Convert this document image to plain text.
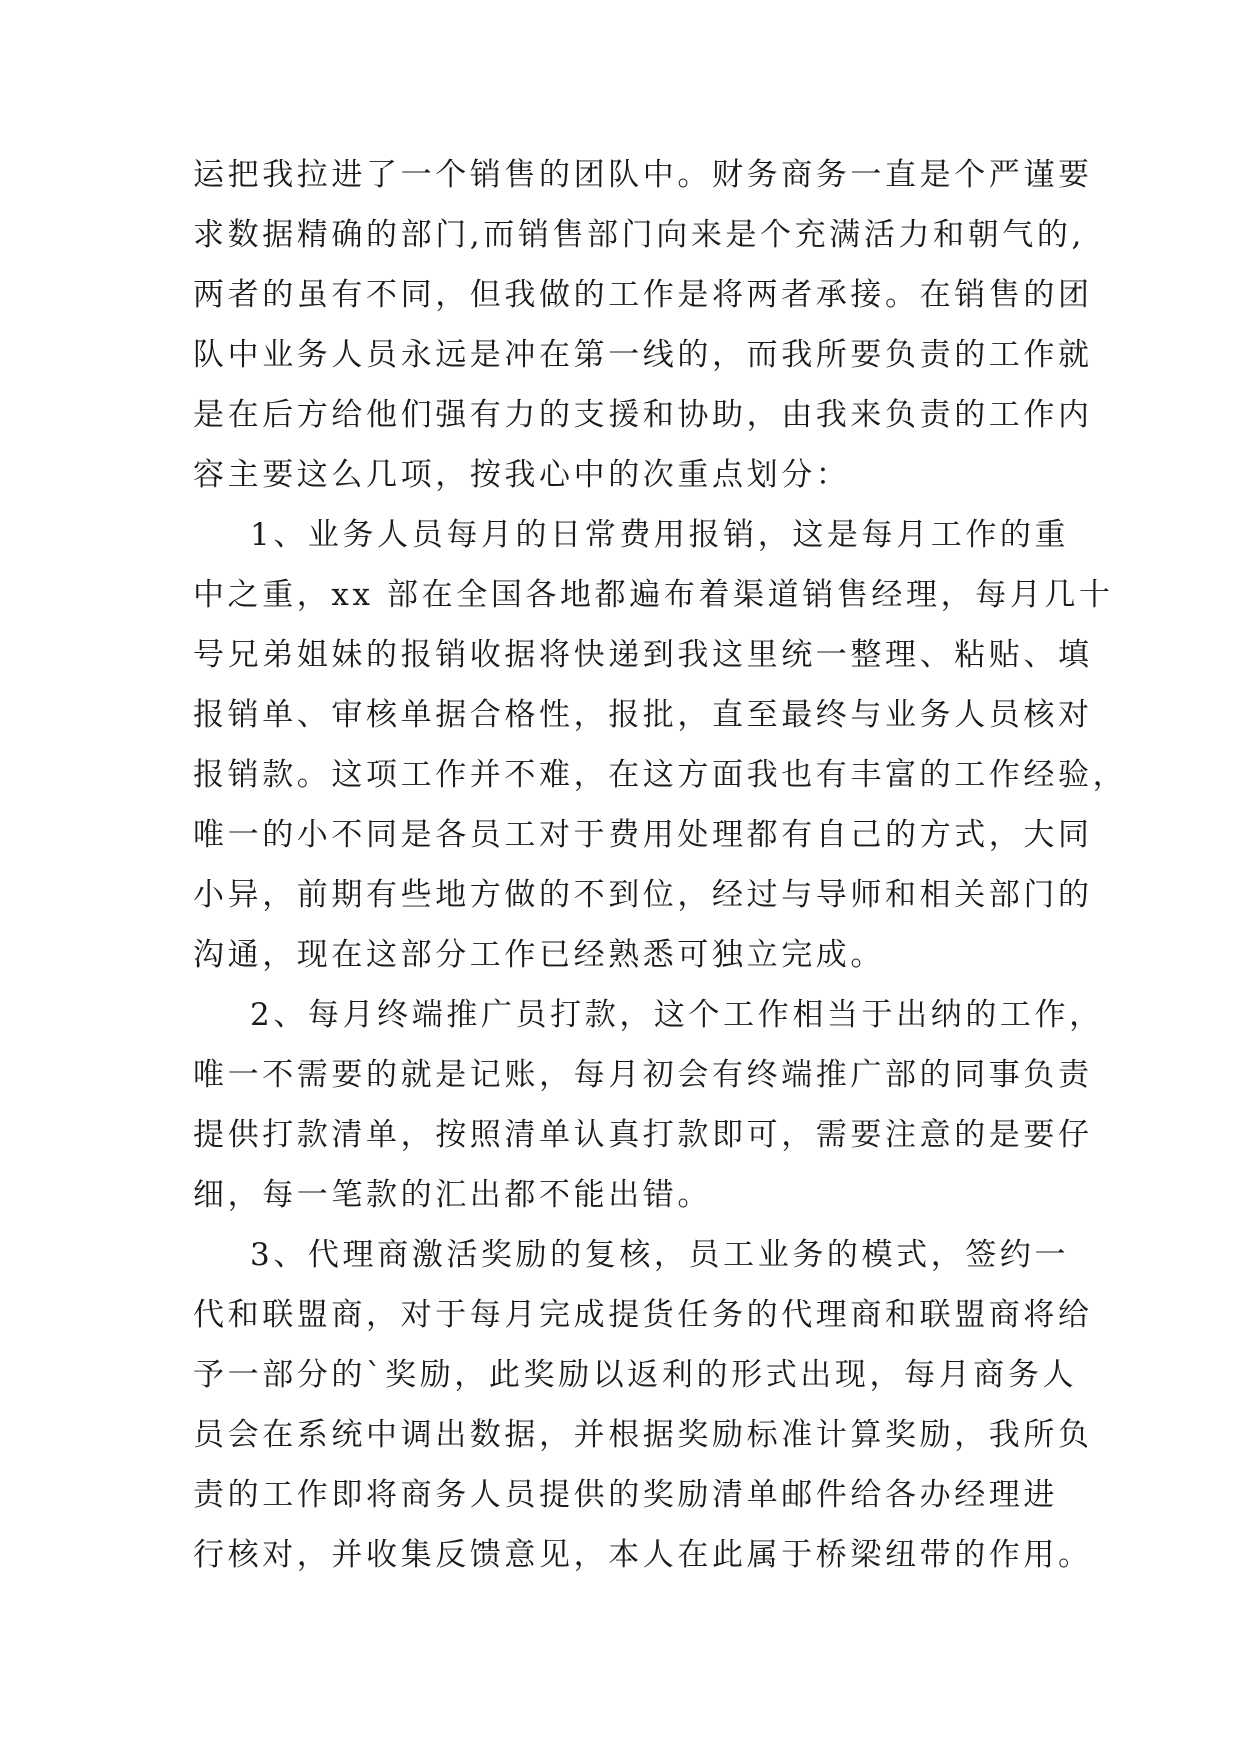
运把我拉进了一个销售的团队中。财务商务一直是个严谨要
求数据精确的部门,而销售部门向来是个充满活力和朝气的,
两者的虽有不同，但我做的工作是将两者承接。在销售的团
队中业务人员永远是冲在第一线的，而我所要负责的工作就
是在后方给他们强有力的支援和协助，由我来负责的工作内
容主要这么几项，按我心中的次重点划分：
1、业务人员每月的日常费用报销，这是每月工作的重
中之重，xx 部在全国各地都遍布着渠道销售经理，每月几十
号兄弟姐妹的报销收据将快递到我这里统一整理、粘贴、填
报销单、审核单据合格性，报批，直至最终与业务人员核对
报销款。这项工作并不难，在这方面我也有丰富的工作经验，
唯一的小不同是各员工对于费用处理都有自己的方式，大同
小异，前期有些地方做的不到位，经过与导师和相关部门的
沟通，现在这部分工作已经熟悉可独立完成。
2、每月终端推广员打款，这个工作相当于出纳的工作，
唯一不需要的就是记账，每月初会有终端推广部的同事负责
提供打款清单，按照清单认真打款即可，需要注意的是要仔
细，每一笔款的汇出都不能出错。
3、代理商激活奖励的复核，员工业务的模式，签约一
代和联盟商，对于每月完成提货任务的代理商和联盟商将给
予一部分的`奖励，此奖励以返利的形式出现，每月商务人
员会在系统中调出数据，并根据奖励标准计算奖励，我所负
责的工作即将商务人员提供的奖励清单邮件给各办经理进
行核对，并收集反馈意见，本人在此属于桥梁纽带的作用。
